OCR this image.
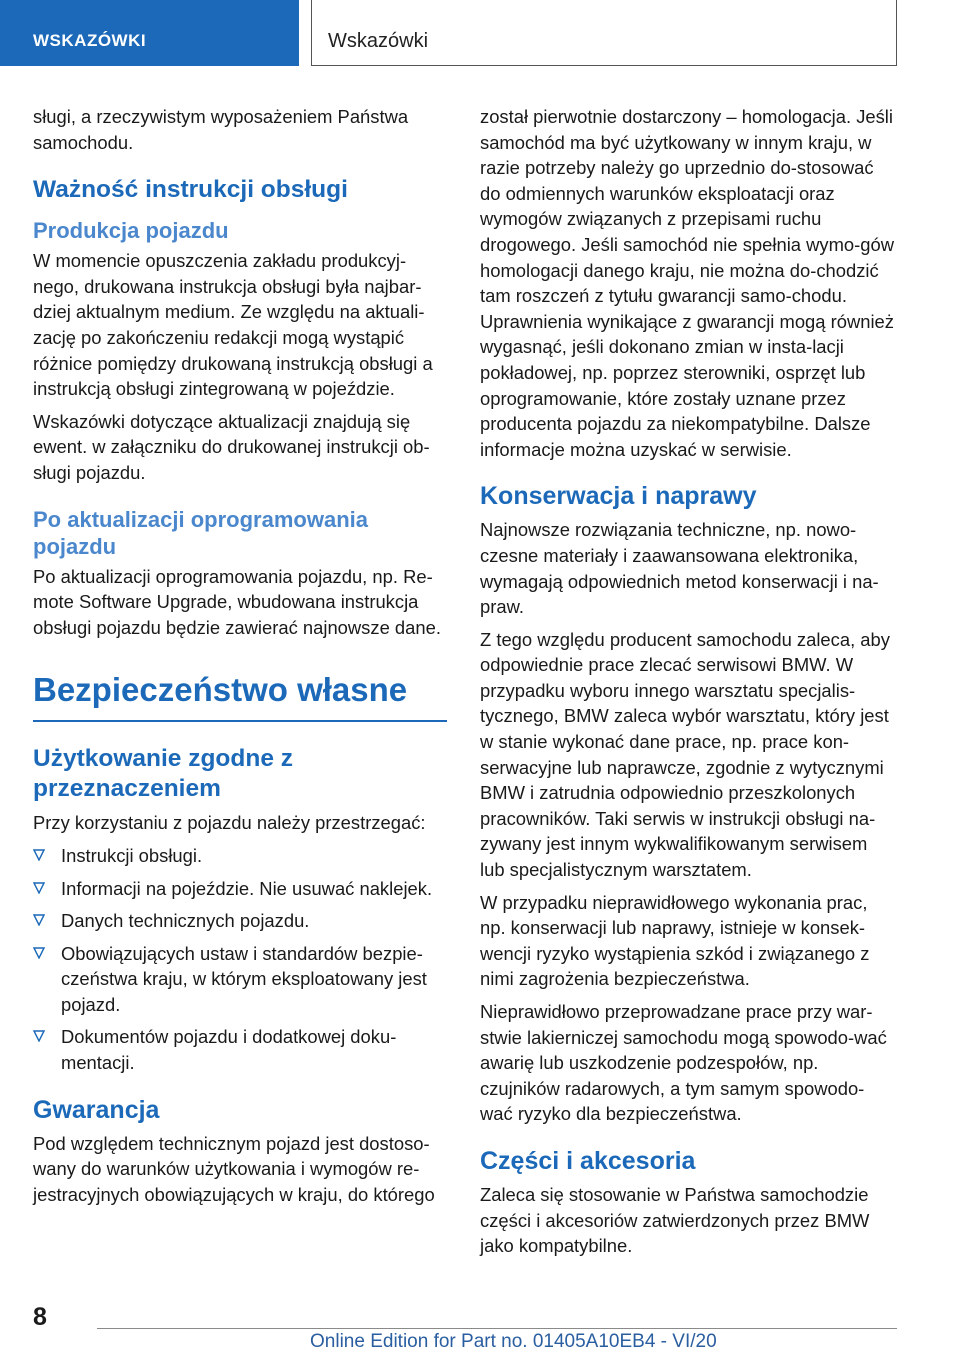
WSKAZÓWKI	Wskazówki

sługi, a rzeczywistym wyposażeniem Państwa samochodu.

Ważność instrukcji obsługi
Produkcja pojazdu

W momencie opuszczenia zakładu produkcyj-nego, drukowana instrukcja obsługi była najbar-dziej aktualnym medium. Ze względu na aktuali-zację po zakończeniu redakcji mogą wystąpić różnice pomiędzy drukowaną instrukcją obsługi a instrukcją obsługi zintegrowaną w pojeździe.

Wskazówki dotyczące aktualizacji znajdują się ewent. w załączniku do drukowanej instrukcji ob-sługi pojazdu.

Po aktualizacji oprogramowania pojazdu

Po aktualizacji oprogramowania pojazdu, np. Re-mote Software Upgrade, wbudowana instrukcja obsługi pojazdu będzie zawierać najnowsze dane.

Bezpieczeństwo własne
Użytkowanie zgodne z przeznaczeniem

Przy korzystaniu z pojazdu należy przestrzegać:

Instrukcji obsługi.
Informacji na pojeździe. Nie usuwać naklejek.
Danych technicznych pojazdu.
Obowiązujących ustaw i standardów bezpie-czeństwa kraju, w którym eksploatowany jest pojazd.
Dokumentów pojazdu i dodatkowej doku-mentacji.
Gwarancja

Pod względem technicznym pojazd jest dostoso-wany do warunków użytkowania i wymogów re-jestracyjnych obowiązujących w kraju, do którego

został pierwotnie dostarczony – homologacja. Jeśli samochód ma być użytkowany w innym kraju, w razie potrzeby należy go uprzednio do-stosować do odmiennych warunków eksploatacji oraz wymogów związanych z przepisami ruchu drogowego. Jeśli samochód nie spełnia wymo-gów homologacji danego kraju, nie można do-chodzić tam roszczeń z tytułu gwarancji samo-chodu. Uprawnienia wynikające z gwarancji mogą również wygasnąć, jeśli dokonano zmian w insta-lacji pokładowej, np. poprzez sterowniki, osprzęt lub oprogramowanie, które zostały uznane przez producenta pojazdu za niekompatybilne. Dalsze informacje można uzyskać w serwisie.

Konserwacja i naprawy

Najnowsze rozwiązania techniczne, np. nowo-czesne materiały i zaawansowana elektronika, wymagają odpowiednich metod konserwacji i na-praw.

Z tego względu producent samochodu zaleca, aby odpowiednie prace zlecać serwisowi BMW. W przypadku wyboru innego warsztatu specjalis-tycznego, BMW zaleca wybór warsztatu, który jest w stanie wykonać dane prace, np. prace kon-serwacyjne lub naprawcze, zgodnie z wytycznymi BMW i zatrudnia odpowiednio przeszkolonych pracowników. Taki serwis w instrukcji obsługi na-zywany jest innym wykwalifikowanym serwisem lub specjalistycznym warsztatem.

W przypadku nieprawidłowego wykonania prac, np. konserwacji lub naprawy, istnieje w konsek-wencji ryzyko wystąpienia szkód i związanego z nimi zagrożenia bezpieczeństwa.

Nieprawidłowo przeprowadzane prace przy war-stwie lakierniczej samochodu mogą spowodo-wać awarię lub uszkodzenie podzespołów, np. czujników radarowych, a tym samym spowodo-wać ryzyko dla bezpieczeństwa.

Części i akcesoria

Zaleca się stosowanie w Państwa samochodzie części i akcesoriów zatwierdzonych przez BMW jako kompatybilne.

8
Online Edition for Part no. 01405A10EB4 - VI/20
